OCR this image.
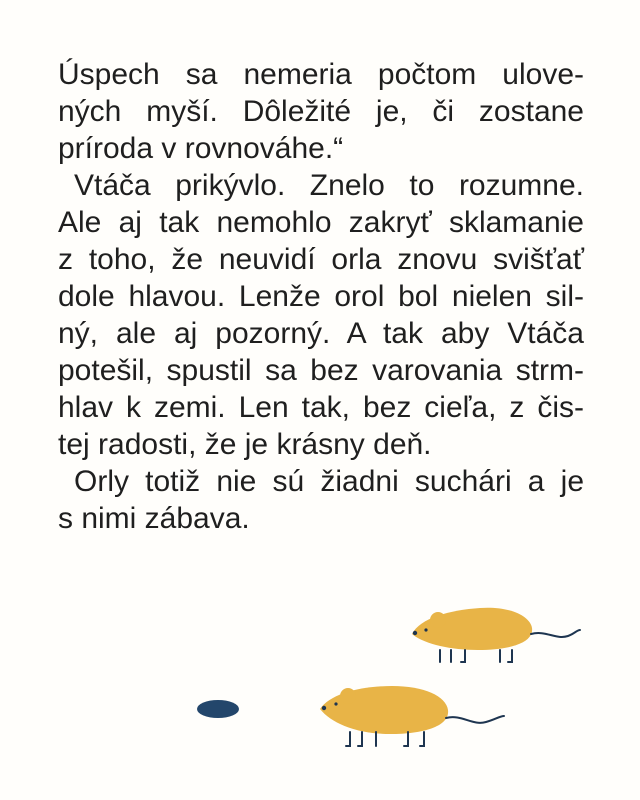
Úspech sa nemeria počtom ulove-
ných myší. Dôležité je, či zostane
príroda v rovnováhe.“
Vtáča prikývlo. Znelo to rozumne.
Ale aj tak nemohlo zakryť sklamanie
z toho, že neuvidí orla znovu svišťať
dole hlavou. Lenže orol bol nielen sil-
ný, ale aj pozorný. A tak aby Vtáča
potešil, spustil sa bez varovania strm-
hlav k zemi. Len tak, bez cieľa, z čis-
tej radosti, že je krásny deň.
Orly totiž nie sú žiadni suchári a je
s nimi zábava.
